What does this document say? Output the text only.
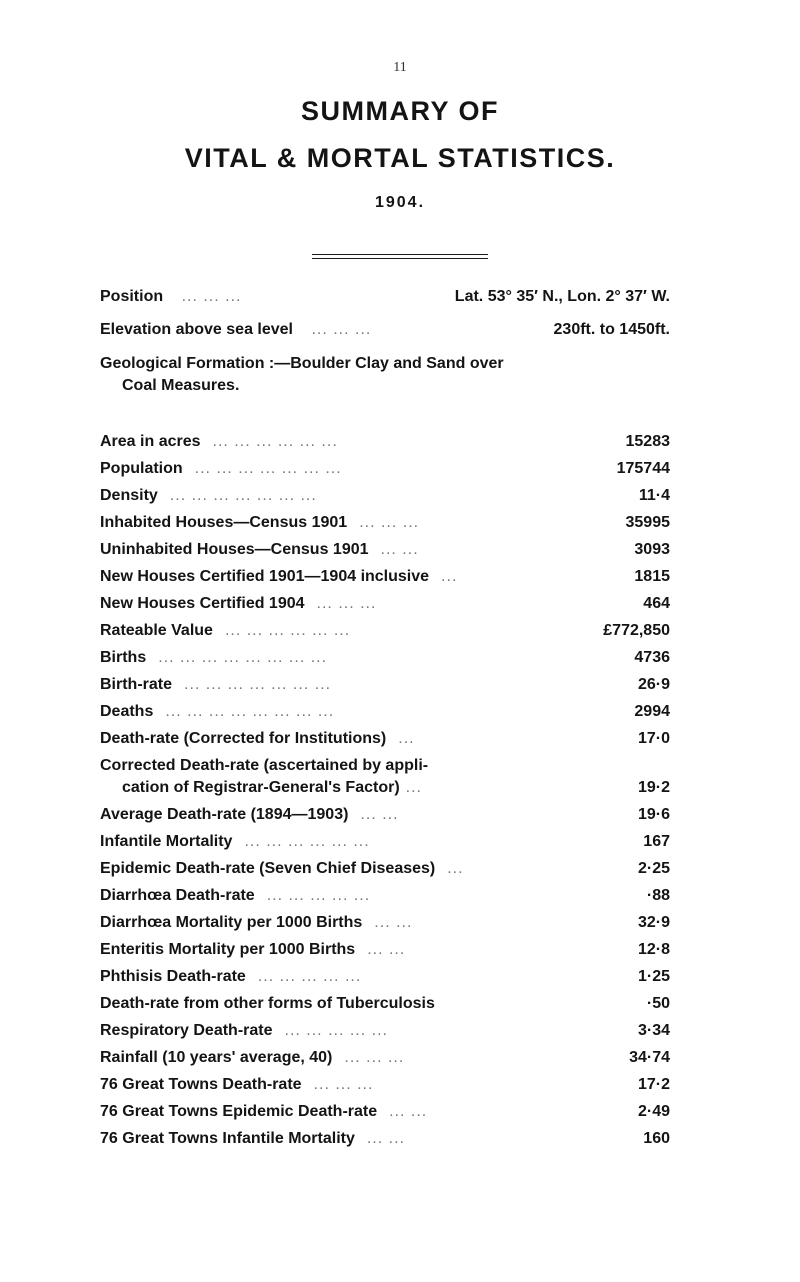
11
SUMMARY OF
VITAL & MORTAL STATISTICS.
1904.
Position ... ... ...	Lat. 53° 35′ N., Lon. 2° 37′ W.
Elevation above sea level ... ... ...	230ft. to 1450ft.
Geological Formation :—Boulder Clay and Sand over
Coal Measures.
Area in acres ... ... ... ... ... ...	15283
Population ... ... ... ... ... ... ...	175744
Density ... ... ... ... ... ... ...	11·4
Inhabited Houses—Census 1901 ... ... ...	35995
Uninhabited Houses—Census 1901 ... ...	3093
New Houses Certified 1901—1904 inclusive ...	1815
New Houses Certified 1904 ... ... ...	464
Rateable Value ... ... ... ... ... ...	£772,850
Births ... ... ... ... ... ... ... ...	4736
Birth-rate ... ... ... ... ... ... ...	26·9
Deaths ... ... ... ... ... ... ... ...	2994
Death-rate (Corrected for Institutions) ...	17·0
Corrected Death-rate (ascertained by appli-
cation of Registrar-General's Factor) ...	19·2
Average Death-rate (1894—1903) ... ...	19·6
Infantile Mortality ... ... ... ... ... ...	167
Epidemic Death-rate (Seven Chief Diseases) ...	2·25
Diarrhœa Death-rate ... ... ... ... ...	·88
Diarrhœa Mortality per 1000 Births ... ...	32·9
Enteritis Mortality per 1000 Births ... ...	12·8
Phthisis Death-rate ... ... ... ... ...	1·25
Death-rate from other forms of Tuberculosis	·50
Respiratory Death-rate ... ... ... ... ...	3·34
Rainfall (10 years' average, 40) ... ... ...	34·74
76 Great Towns Death-rate ... ... ...	17·2
76 Great Towns Epidemic Death-rate ... ...	2·49
76 Great Towns Infantile Mortality ... ...	160
